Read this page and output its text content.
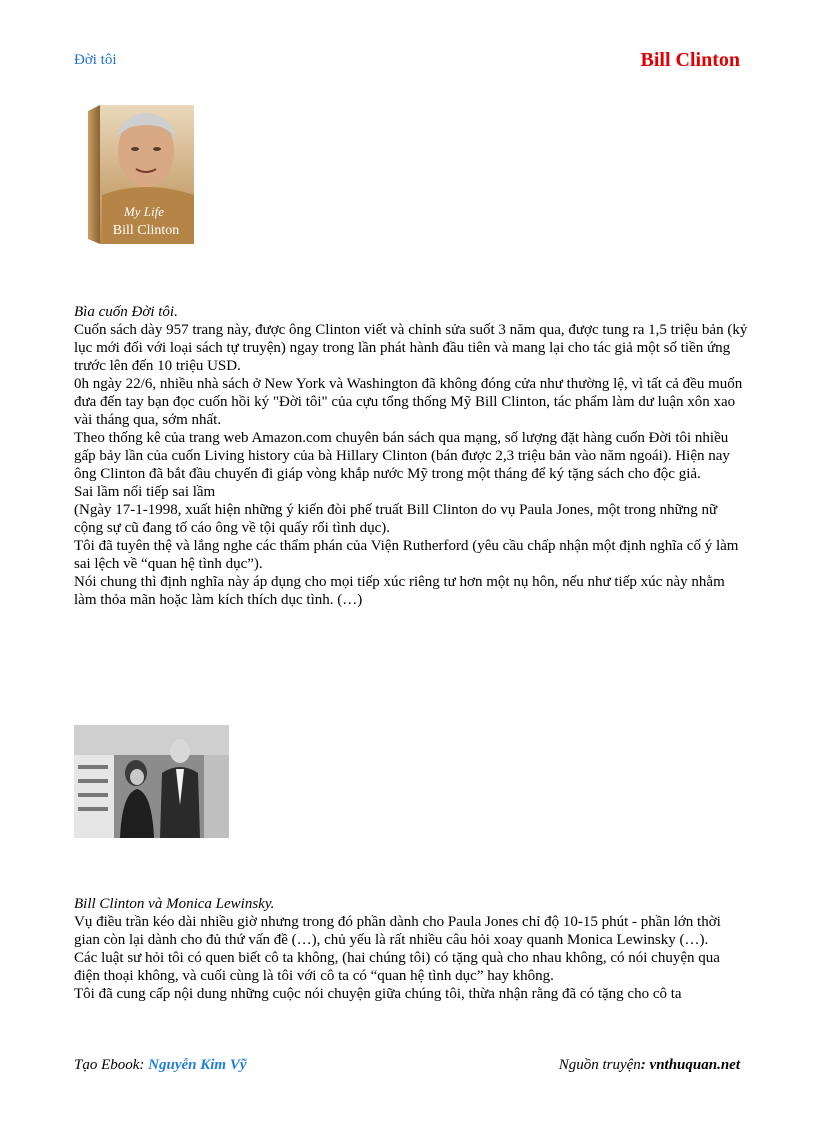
Đời tôi	Bill Clinton
My Life
Bill Clinton

Bìa cuốn Đời tôi.

Cuốn sách dày 957 trang này, được ông Clinton viết và chỉnh sửa suốt 3 năm qua, được tung ra 1,5 triệu bản (kỷ lục mới đối với loại sách tự truyện) ngay trong lần phát hành đầu tiên và mang lại cho tác giả một số tiền ứng trước lên đến 10 triệu USD.

0h ngày 22/6, nhiều nhà sách ở New York và Washington đã không đóng cửa như thường lệ, vì tất cả đều muốn đưa đến tay bạn đọc cuốn hồi ký "Đời tôi" của cựu tổng thống Mỹ Bill Clinton, tác phẩm làm dư luận xôn xao vài tháng qua, sớm nhất.

Theo thống kê của trang web Amazon.com chuyên bán sách qua mạng, số lượng đặt hàng cuốn Đời tôi nhiều gấp bảy lần của cuốn Living history của bà Hillary Clinton (bán được 2,3 triệu bản vào năm ngoái). Hiện nay ông Clinton đã bắt đầu chuyến đi giáp vòng khắp nước Mỹ trong một tháng để ký tặng sách cho độc giả.

Sai lầm nối tiếp sai lầm

(Ngày 17-1-1998, xuất hiện những ý kiến đòi phế truất Bill Clinton do vụ Paula Jones, một trong những nữ cộng sự cũ đang tố cáo ông về tội quấy rối tình dục).

Tôi đã tuyên thệ và lắng nghe các thẩm phán của Viện Rutherford (yêu cầu chấp nhận một định nghĩa cố ý làm sai lệch về “quan hệ tình dục”).

Nói chung thì định nghĩa này áp dụng cho mọi tiếp xúc riêng tư hơn một nụ hôn, nếu như tiếp xúc này nhằm làm thỏa mãn hoặc làm kích thích dục tình. (…)

Bill Clinton và Monica Lewinsky.

Vụ điều trần kéo dài nhiều giờ nhưng trong đó phần dành cho Paula Jones chỉ độ 10-15 phút - phần lớn thời gian còn lại dành cho đủ thứ vấn đề (…), chủ yếu là rất nhiều câu hỏi xoay quanh Monica Lewinsky (…).

Các luật sư hỏi tôi có quen biết cô ta không, (hai chúng tôi) có tặng quà cho nhau không, có nói chuyện qua điện thoại không, và cuối cùng là tôi với cô ta có “quan hệ tình dục” hay không.

Tôi đã cung cấp nội dung những cuộc nói chuyện giữa chúng tôi, thừa nhận rằng đã có tặng cho cô ta

Tạo Ebook: Nguyễn Kim Vỹ	Nguồn truyện: vnthuquan.net
